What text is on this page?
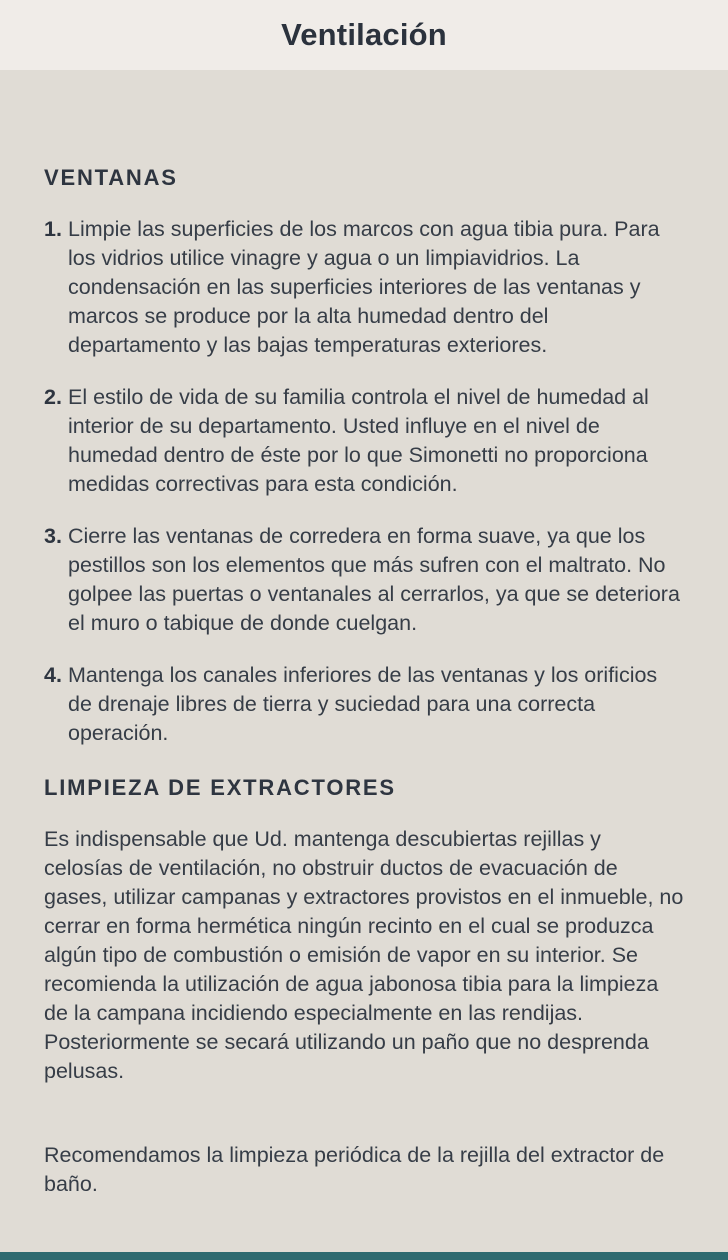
Ventilación
VENTANAS
1. Limpie las superficies de los marcos con agua tibia pura. Para los vidrios utilice vinagre y agua o un limpiavidrios. La condensación en las superficies interiores de las ventanas y marcos se produce por la alta humedad dentro del departamento y las bajas temperaturas exteriores.
2. El estilo de vida de su familia controla el nivel de humedad al interior de su departamento. Usted influye en el nivel de humedad dentro de éste por lo que Simonetti no proporciona medidas correctivas para esta condición.
3. Cierre las ventanas de corredera en forma suave, ya que los pestillos son los elementos que más sufren con el maltrato. No golpee las puertas o ventanales al cerrarlos, ya que se deteriora el muro o tabique de donde cuelgan.
4. Mantenga los canales inferiores de las ventanas y los orificios de drenaje libres de tierra y suciedad para una correcta operación.
LIMPIEZA DE EXTRACTORES

Es indispensable que Ud. mantenga descubiertas rejillas y celosías de ventilación, no obstruir ductos de evacuación de gases, utilizar campanas y extractores provistos en el inmueble, no cerrar en forma hermética ningún recinto en el cual se produzca algún tipo de combustión o emisión de vapor en su interior. Se recomienda la utilización de agua jabonosa tibia para la limpieza de la campana incidiendo especialmente en las rendijas. Posteriormente se secará utilizando un paño que no desprenda pelusas.

Recomendamos la limpieza periódica de la rejilla del extractor de baño.
